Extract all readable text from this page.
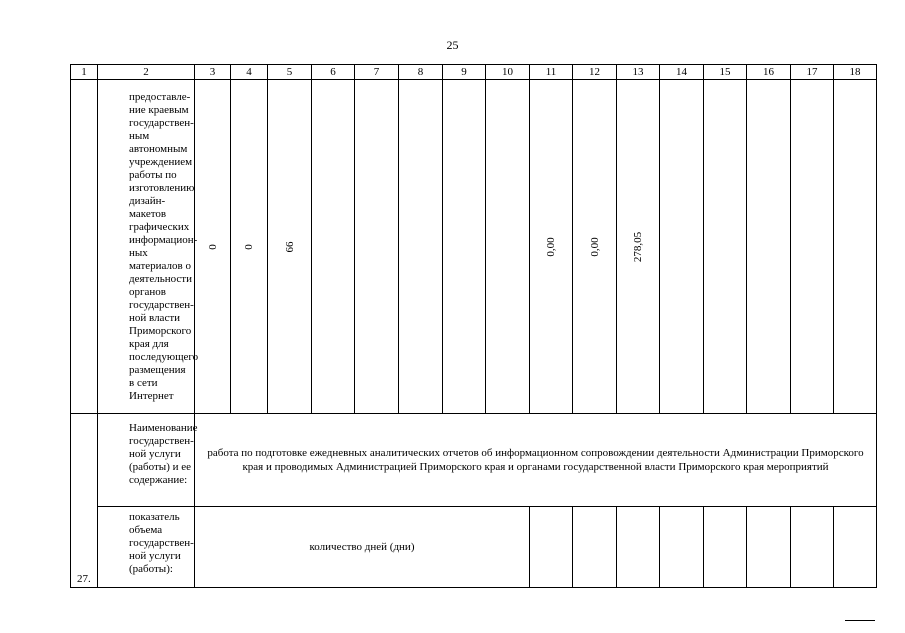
25
1	2	3	4	5	6	7	8	9	10	11	12	13	14	15	16	17	18
	предоставле-ние краевым государствен-ным автономным учреждением работы по изготовлению дизайн-макетов графических информацион-ных материалов о деятельности органов государствен-ной власти Приморского края для последующего размещения в сети Интернет	0	0	66						0,00	0,00	278,05					

27.	Наименование государствен-ной услуги (работы) и ее содержание:	работа по подготовке ежедневных аналитических отчетов об информационном сопровождении деятельности Администрации Приморского края и проводимых Администрацией Приморского края и органами государственной власти Приморского края мероприятий															
	показатель объема государствен-ной услуги (работы):	количество дней (дни)															
